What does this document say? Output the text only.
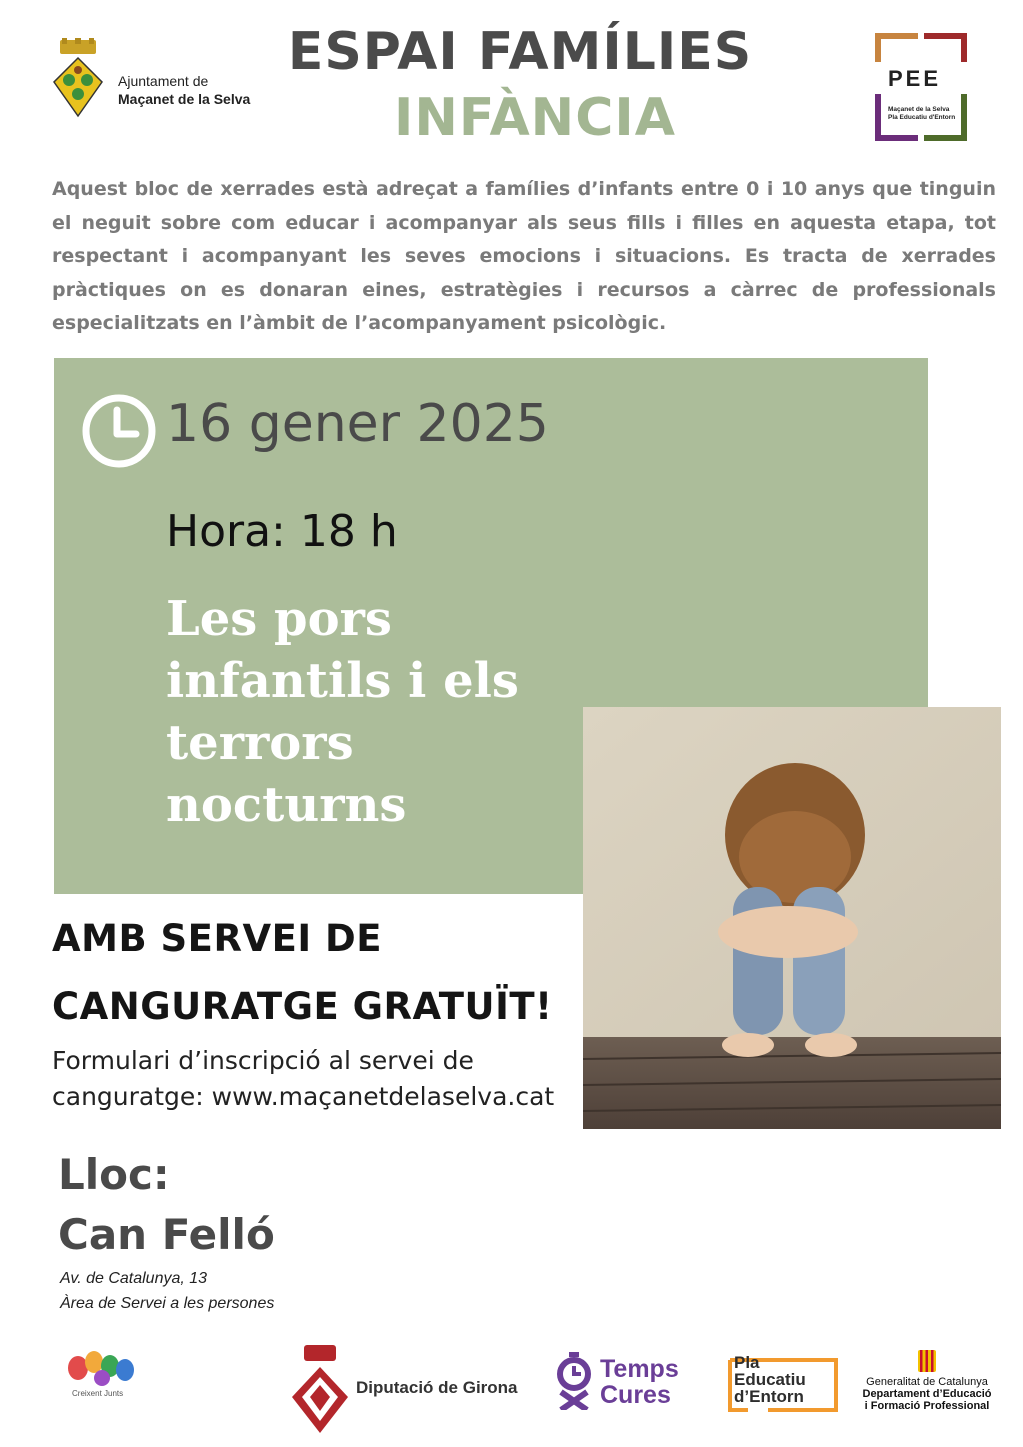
Ajuntament de
Maçanet de la Selva
ESPAI FAMÍLIES
INFÀNCIA
PEE
Maçanet de la Selva
Pla Educatiu d'Entorn
Aquest bloc de xerrades està adreçat a famílies d’infants entre 0 i 10 anys que tinguin el neguit sobre com educar i acompanyar als seus fills i filles en aquesta etapa, tot respectant i acompanyant les seves emocions i situacions. Es tracta de xerrades pràctiques on es donaran eines, estratègies i recursos a càrrec de professionals especialitzats en l’àmbit de l’acompanyament psicològic.
16 gener 2025
Hora: 18 h
Les pors
infantils i els
terrors
nocturns
AMB SERVEI DE
CANGURATGE GRATUÏT!
Formulari d’inscripció al servei de
canguratge: www.maçanetdelaselva.cat
Lloc:
Can Felló
Av. de Catalunya, 13
Àrea de Servei a les persones
Creixent Junts	Diputació de Girona
Temps
Cures
Pla
Educatiu
d’Entorn
Generalitat de Catalunya
Departament d’Educació
i Formació Professional
